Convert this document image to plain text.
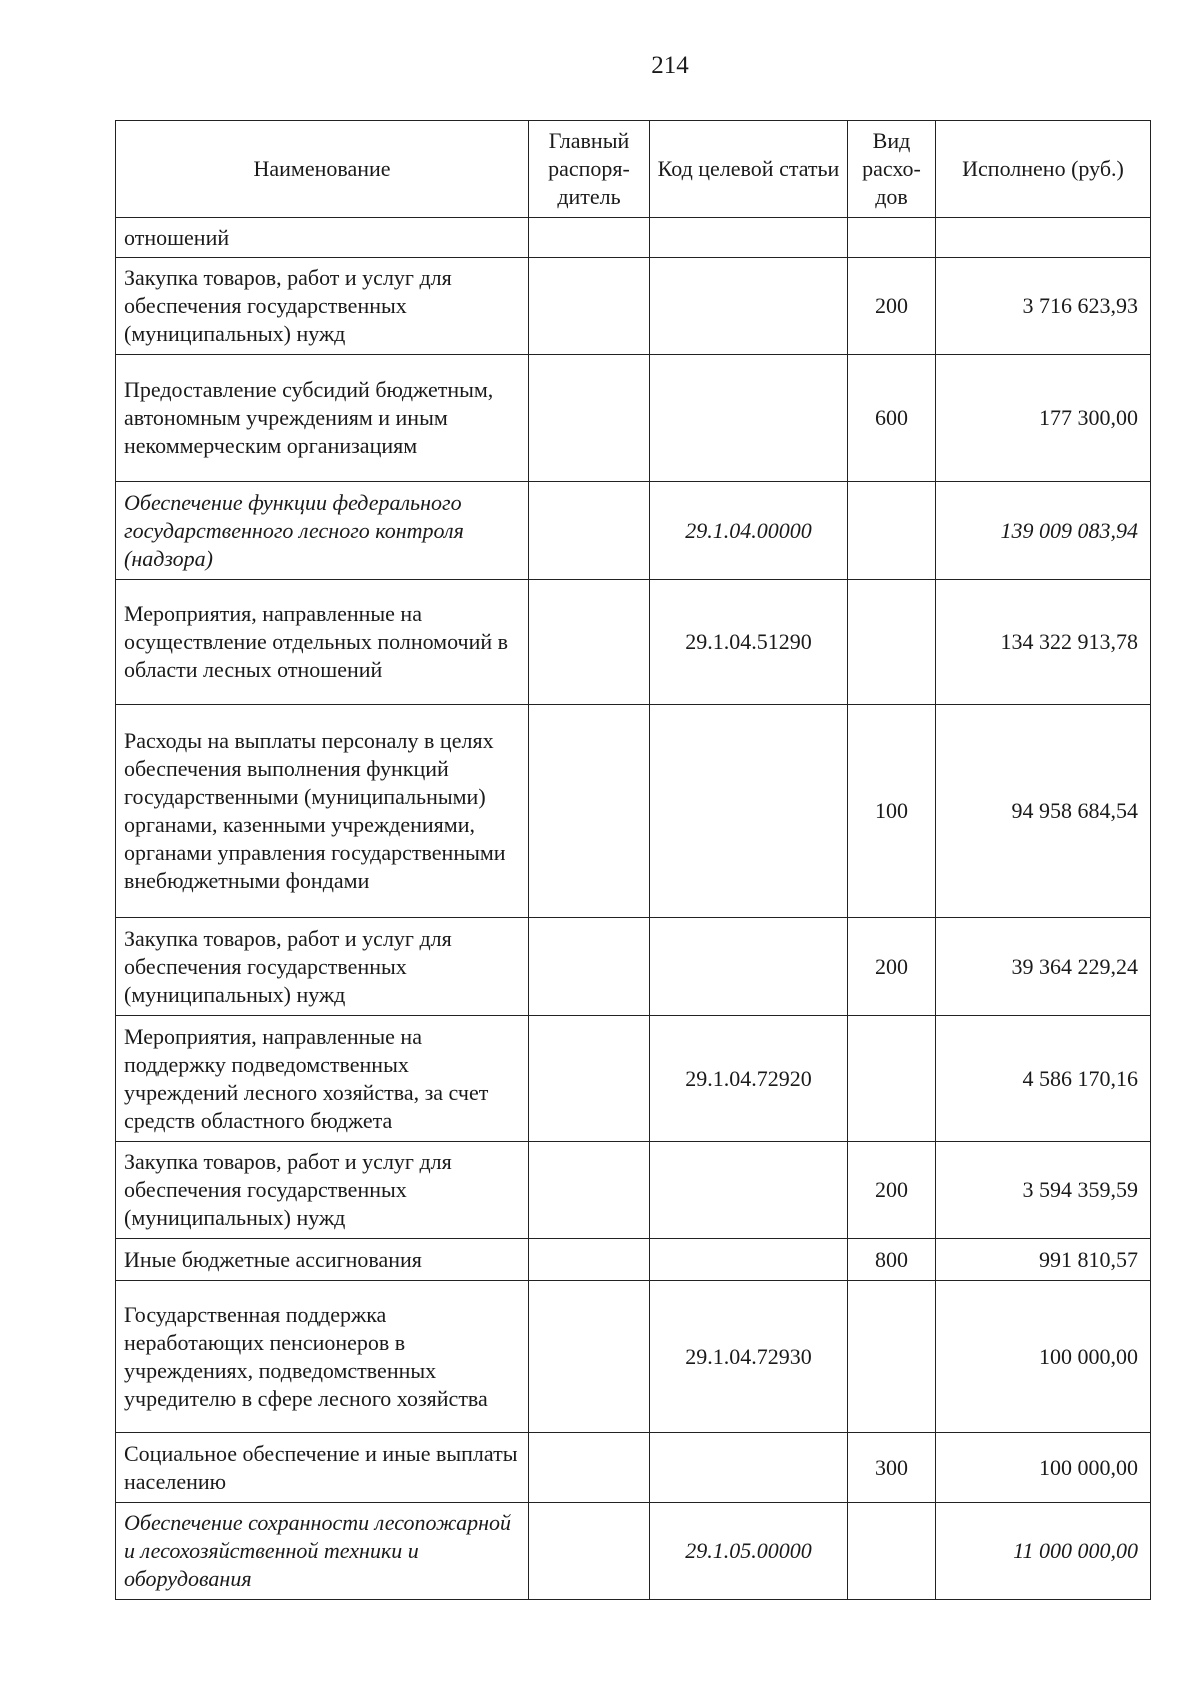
214
Наименование	Главный распоря-дитель	Код целевой статьи	Вид расхо-дов	Исполнено (руб.)
отношений				
Закупка товаров, работ и услуг для обеспечения государственных (муниципальных) нужд			200	3 716 623,93
Предоставление субсидий бюджетным, автономным учреждениям и иным некоммерческим организациям			600	177 300,00
Обеспечение функции федерального государственного лесного контроля (надзора)		29.1.04.00000		139 009 083,94
Мероприятия, направленные на осуществление отдельных полномочий в области лесных отношений		29.1.04.51290		134 322 913,78
Расходы на выплаты персоналу в целях обеспечения выполнения функций государственными (муниципальными) органами, казенными учреждениями, органами управления государственными внебюджетными фондами			100	94 958 684,54
Закупка товаров, работ и услуг для обеспечения государственных (муниципальных) нужд			200	39 364 229,24
Мероприятия, направленные на поддержку подведомственных учреждений лесного хозяйства, за счет средств областного бюджета		29.1.04.72920		4 586 170,16
Закупка товаров, работ и услуг для обеспечения государственных (муниципальных) нужд			200	3 594 359,59
Иные бюджетные ассигнования			800	991 810,57
Государственная поддержка неработающих пенсионеров в учреждениях, подведомственных учредителю в сфере лесного хозяйства		29.1.04.72930		100 000,00
Социальное обеспечение и иные выплаты населению			300	100 000,00
Обеспечение сохранности лесопожарной и лесохозяйственной техники и оборудования		29.1.05.00000		11 000 000,00
